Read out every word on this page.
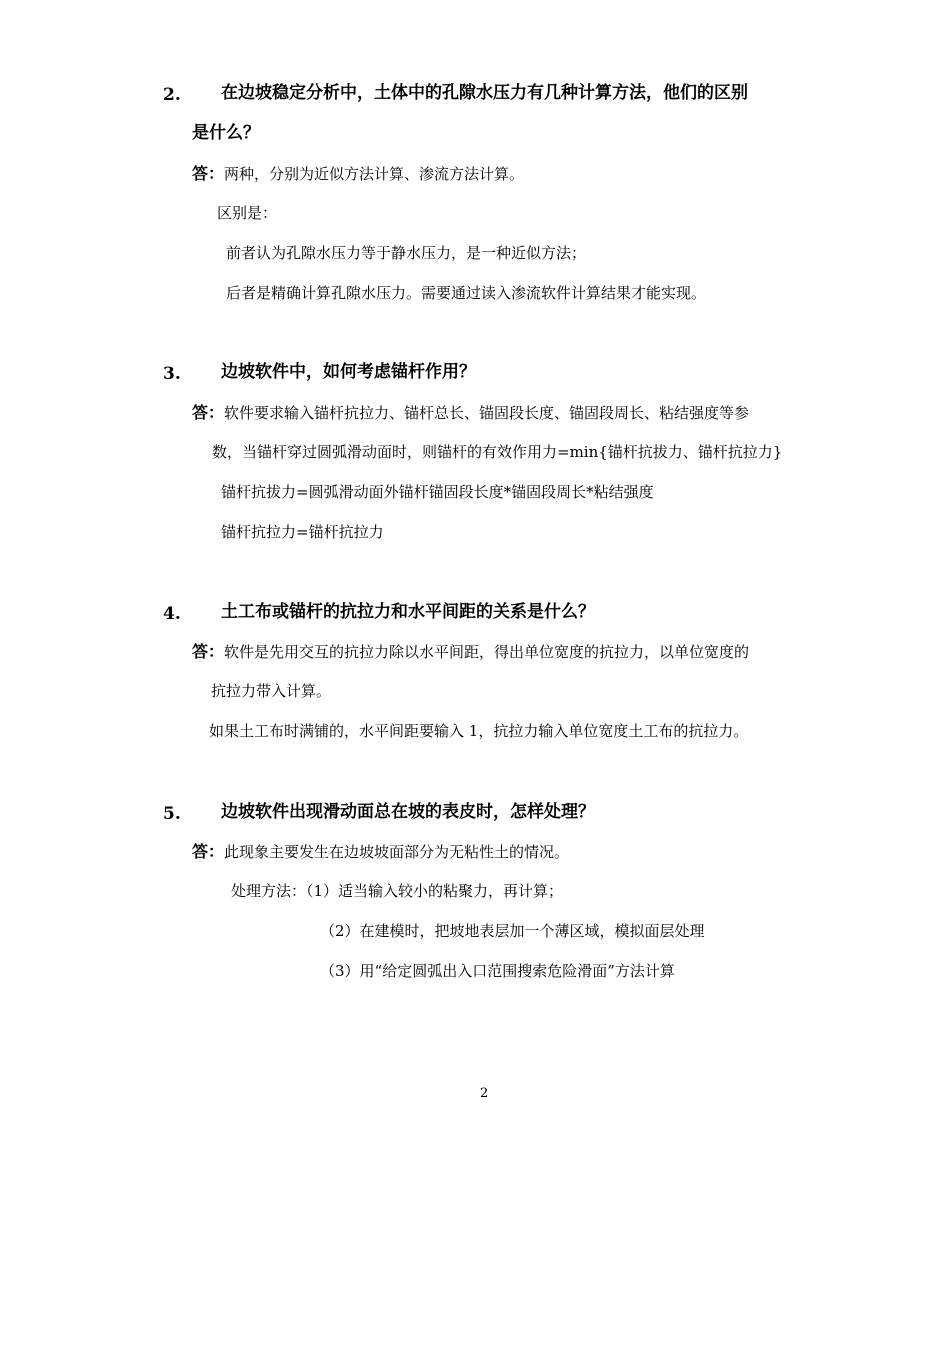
2. 在边坡稳定分析中，土体中的孔隙水压力有几种计算方法，他们的区别
是什么？
答：两种，分别为近似方法计算、渗流方法计算。
区别是：
前者认为孔隙水压力等于静水压力，是一种近似方法；
后者是精确计算孔隙水压力。需要通过读入渗流软件计算结果才能实现。
3. 边坡软件中，如何考虑锚杆作用？
答：软件要求输入锚杆抗拉力、锚杆总长、锚固段长度、锚固段周长、粘结强度等参
数，当锚杆穿过圆弧滑动面时，则锚杆的有效作用力=min{锚杆抗拔力、锚杆抗拉力}
锚杆抗拔力=圆弧滑动面外锚杆锚固段长度*锚固段周长*粘结强度
锚杆抗拉力=锚杆抗拉力
4. 土工布或锚杆的抗拉力和水平间距的关系是什么？
答：软件是先用交互的抗拉力除以水平间距，得出单位宽度的抗拉力，以单位宽度的
抗拉力带入计算。
如果土工布时满铺的，水平间距要输入 1，抗拉力输入单位宽度土工布的抗拉力。
5. 边坡软件出现滑动面总在坡的表皮时，怎样处理？
答：此现象主要发生在边坡坡面部分为无粘性土的情况。
处理方法：（1）适当输入较小的粘聚力，再计算；
（2）在建模时，把坡地表层加一个薄区域，模拟面层处理
（3）用“给定圆弧出入口范围搜索危险滑面”方法计算
2
